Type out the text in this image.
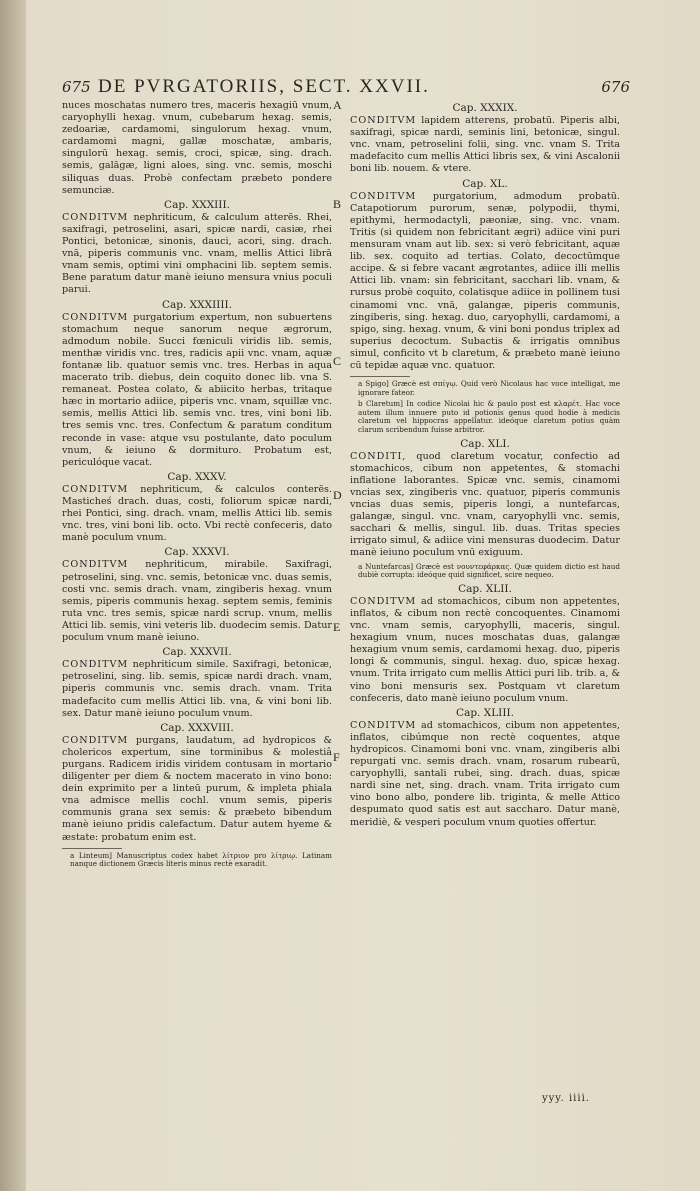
675 DE PVRGATORIIS, SECT. XXVII.	676

nuces moschatas numero tres, maceris hexagiū vnum, caryophylli hexag. vnum, cubebarum hexag. semis, zedoariæ, cardamomi, singulorum hexag. vnum, cardamomi magni, gallæ moschatæ, ambaris, singulorū hexag. semis, croci, spicæ, sing. drach. semis, galāgæ, ligni aloes, sing. vnc. semis, moschi siliquas duas. Probè confectam præbeto pondere semunciæ.

Cap. XXXIII.

CONDITVM nephriticum, & calculum atterēs. Rhei, saxifragi, petroselini, asari, spicæ nardi, casiæ, rhei Pontici, betonicæ, sinonis, dauci, acori, sing. drach. vnā, piperis communis vnc. vnam, mellis Attici librā vnam semis, optimi vini omphacini lib. septem semis. Bene paratum datur manè ieiuno mensura vnius poculi parui.

Cap. XXXIIII.

CONDITVM purgatorium expertum, non subuertens stomachum neque sanorum neque ægrorum, admodum nobile. Succi fœniculi viridis lib. semis, menthæ viridis vnc. tres, radicis apii vnc. vnam, aquæ fontanæ lib. quatuor semis vnc. tres. Herbas in aqua macerato trib. diebus, dein coquito donec lib. vna S. remaneat. Postea colato, & abiicito herbas, tritaque hæc in mortario adiice, piperis vnc. vnam, squillæ vnc. semis, mellis Attici lib. semis vnc. tres, vini boni lib. tres semis vnc. tres. Confectum & paratum conditum reconde in vase: atque vsu postulante, dato poculum vnum, & ieiuno & dormituro. Probatum est, periculóque vacat.

Cap. XXXV.

CONDITVM nephriticum, & calculos conterēs. Masticheś drach. duas, costi, foliorum spicæ nardi, rhei Pontici, sing. drach. vnam, mellis Attici lib. semis vnc. tres, vini boni lib. octo. Vbi rectè confeceris, dato manè poculum vnum.

Cap. XXXVI.

CONDITVM nephriticum, mirabile. Saxifragi, petroselini, sing. vnc. semis, betonicæ vnc. duas semis, costi vnc. semis drach. vnam, zingiberis hexag. vnum semis, piperis communis hexag. septem semis, feminis ruta vnc. tres semis, spicæ nardi scrup. vnum, mellis Attici lib. semis, vini veteris lib. duodecim semis. Datur poculum vnum manè ieiuno.

Cap. XXXVII.

CONDITVM nephriticum simile. Saxifragi, betonicæ, petroselini, sing. lib. semis, spicæ nardi drach. vnam, piperis communis vnc. semis drach. vnam. Trita madefacito cum mellis Attici lib. vna, & vini boni lib. sex. Datur manè ieiuno poculum vnum.

Cap. XXXVIII.

CONDITVM purgans, laudatum, ad hydropicos & cholericos expertum, sine torminibus & molestiâ purgans. Radicem iridis viridem contusam in mortario diligenter per diem & noctem macerato in vino bono: dein exprimito per a linteū purum, & impleta phiala vna admisce mellis cochl. vnum semis, piperis communis grana sex semis: & præbeto bibendum manè ieiuno pridis calefactum. Datur autem hyeme & æstate: probatum enim est.

a Linteum] Manuscriptus codex habet λίτριον pro λίτριῳ. Latinam nanque dictionem Græcis literis minus rectè exaradit.

A
B
C
D
E
F
Cap. XXXIX.

CONDITVM lapidem atterens, probatū. Piperis albi, saxifragi, spicæ nardi, seminis lini, betonicæ, singul. vnc. vnam, petroselini folii, sing. vnc. vnam S. Trita madefacito cum mellis Attici libris sex, & vini Ascalonii boni lib. nouem. & vtere.

Cap. XL.

CONDITVM purgatorium, admodum probatū. Catapotiorum purorum, senæ, polypodii, thymi, epithymi, hermodactyli, pæoniæ, sing. vnc. vnam. Tritis (si quidem non febricitant ægri) adiice vini puri mensuram vnam aut lib. sex: si verò febricitant, aquæ lib. sex. coquito ad tertias. Colato, decoctūmque accipe. & si febre vacant ægrotantes, adiice illi mellis Attici lib. vnam: sin febricitant, sacchari lib. vnam, & rursus probè coquito, colatisque adiice in pollinem tusi cinamomi vnc. vnā, galangæ, piperis communis, zingiberis, sing. hexag. duo, caryophylli, cardamomi, a spigo, sing. hexag. vnum, & vini boni pondus triplex ad superius decoctum. Subactis & irrigatis omnibus simul, conficito vt b claretum, & præbeto manè ieiuno cū tepidæ aquæ vnc. quatuor.

a Spigo] Græcè est σπίγῳ. Quid verò Nicolaus hac voce intelligat, me ignorare fateor.

b Claretum] In codice Nicolai hic & paulo post est κλαρέτ. Hac voce autem illum innuere puto id potionis genus quod hodie à medicis claretum vel hippocras appellatur. ideóque claretum potius quàm clarum scribendum fuisse arbitror.

Cap. XLI.

CONDITI, quod claretum vocatur, confectio ad stomachicos, cibum non appetentes, & stomachi inflatione laborantes. Spicæ vnc. semis, cinamomi vncias sex, zingiberis vnc. quatuor, piperis communis vncias duas semis, piperis longi, a nuntefarcas, galangæ, singul. vnc. vnam, caryophylli vnc. semis, sacchari & mellis, singul. lib. duas. Tritas species irrigato simul, & adiice vini mensuras duodecim. Datur manè ieiuno poculum vnū exiguum.

a Nuntefarcas] Græcè est νουντεφάρκας. Quæ quidem dictio est haud dubiè corrupta: ideóque quid significet, scire nequeo.

Cap. XLII.

CONDITVM ad stomachicos, cibum non appetentes, inflatos, & cibum non rectè concoquentes. Cinamomi vnc. vnam semis, caryophylli, maceris, singul. hexagium vnum, nuces moschatas duas, galangæ hexagium vnum semis, cardamomi hexag. duo, piperis longi & communis, singul. hexag. duo, spicæ hexag. vnum. Trita irrigato cum mellis Attici puri lib. trib. a, & vino boni mensuris sex. Postquam vt claretum confeceris, dato manè ieiuno poculum vnum.

Cap. XLIII.

CONDITVM ad stomachicos, cibum non appetentes, inflatos, cibúmque non rectè coquentes, atque hydropicos. Cinamomi boni vnc. vnam, zingiberis albi repurgati vnc. semis drach. vnam, rosarum rubearū, caryophylli, santali rubei, sing. drach. duas, spicæ nardi sine net, sing. drach. vnam. Trita irrigato cum vino bono albo, pondere lib. triginta, & melle Attico despumato quod satis est aut saccharo. Datur manè, meridiè, & vesperi poculum vnum quoties offertur.

yyy. iiii.
